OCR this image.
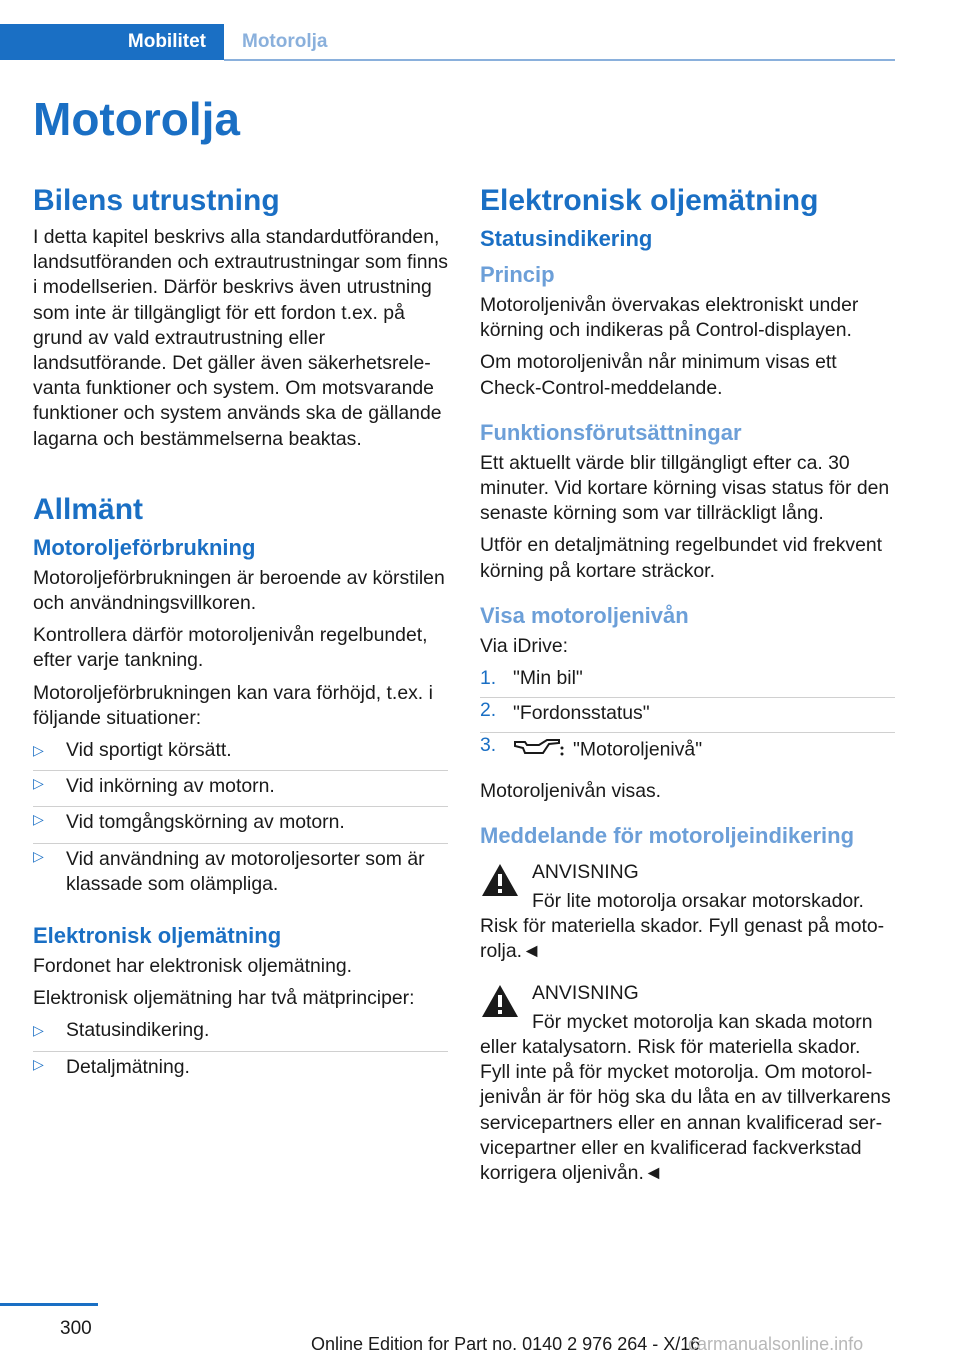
Mobilitet Motorolja
Motorolja
Bilens utrustning

I detta kapitel beskrivs alla standardutföranden, landsutföranden och extrautrustningar som finns i modellserien. Därför beskrivs även utrustning som inte är tillgängligt för ett fordon t.ex. på grund av vald extrautrustning eller landsutförande. Det gäller även säkerhetsrelevanta funktioner och system. Om motsvarande funktioner och system används ska de gällande lagarna och bestämmelserna beaktas.

Allmänt
Motoroljeförbrukning

Motoroljeförbrukningen är beroende av körstilen och användningsvillkoren.

Kontrollera därför motoroljenivån regelbundet, efter varje tankning.

Motoroljeförbrukningen kan vara förhöjd, t.ex. i följande situationer:

▷ Vid sportigt körsätt.
▷ Vid inkörning av motorn.
▷ Vid tomgångskörning av motorn.
▷ Vid användning av motoroljesorter som är klassade som olämpliga.
Elektronisk oljemätning

Fordonet har elektronisk oljemätning.

Elektronisk oljemätning har två mätprinciper:

▷ Statusindikering.
▷ Detaljmätning.
Elektronisk oljemätning
Statusindikering
Princip

Motoroljenivån övervakas elektroniskt under körning och indikeras på Control-displayen.

Om motoroljenivån når minimum visas ett Check-Control-meddelande.

Funktionsförutsättningar

Ett aktuellt värde blir tillgängligt efter ca. 30 minuter. Vid kortare körning visas status för den senaste körning som var tillräckligt lång.

Utför en detaljmätning regelbundet vid frekvent körning på kortare sträckor.

Visa motoroljenivån

Via iDrive:

1. "Min bil"
2. "Fordonsstatus"
3.	"Motoroljenivå"

Motoroljenivån visas.

Meddelande för motoroljeindikering
ANVISNING
För lite motorolja orsakar motorskador. Risk för materiella skador. Fyll genast på motorolja.◄
ANVISNING
För mycket motorolja kan skada motorn eller katalysatorn. Risk för materiella skador. Fyll inte på för mycket motorolja. Om motoroljenivån är för hög ska du låta en av tillverkarens servicepartners eller en annan kvalificerad servicepartner eller en kvalificerad fackverkstad korrigera oljenivån.◄
300
Online Edition for Part no. 0140 2 976 264 - X/16
carmanualsonline.info
